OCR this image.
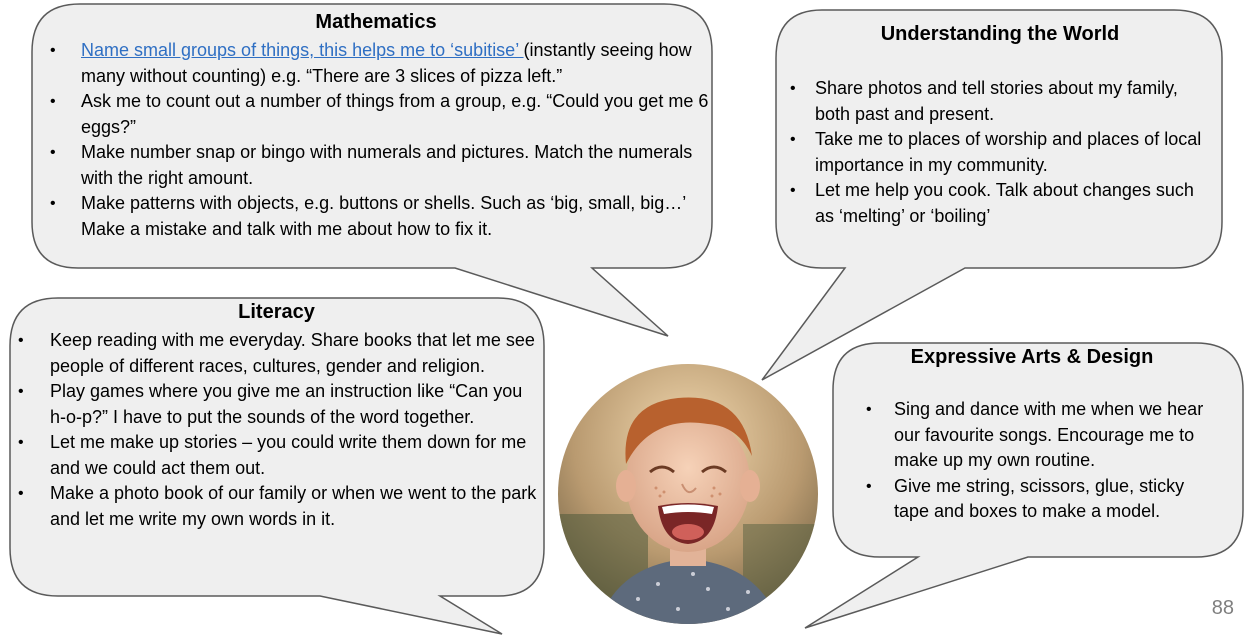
Mathematics
• Name small groups of things, this helps me to ‘subitise’ (instantly seeing how many without counting) e.g. “There are 3 slices of pizza left.”
• Ask me to count out a number of things from a group, e.g. “Could you get me 6 eggs?”
• Make number snap or bingo with numerals and pictures. Match the numerals with the right amount.
• Make patterns with objects, e.g. buttons or shells. Such as ‘big, small, big…’ Make a mistake and talk with me about how to fix it.
Understanding the World
• Share photos and tell stories about my family, both past and present.
• Take me to places of worship and places of local importance in my community.
• Let me help you cook. Talk about changes such as ‘melting’ or ‘boiling’
Literacy
• Keep reading with me everyday. Share books that let me see people of different races, cultures, gender and religion.
• Play games where you give me an instruction like “Can you h-o-p?” I have to put the sounds of the word together.
• Let me make up stories – you could write them down for me and we could act them out.
• Make a photo book of our family or when we went to the park and let me write my own words in it.
Expressive Arts & Design
• Sing and dance with me when we hear our favourite songs. Encourage me to make up my own routine.
• Give me string, scissors, glue, sticky tape and boxes to make a model.
88
